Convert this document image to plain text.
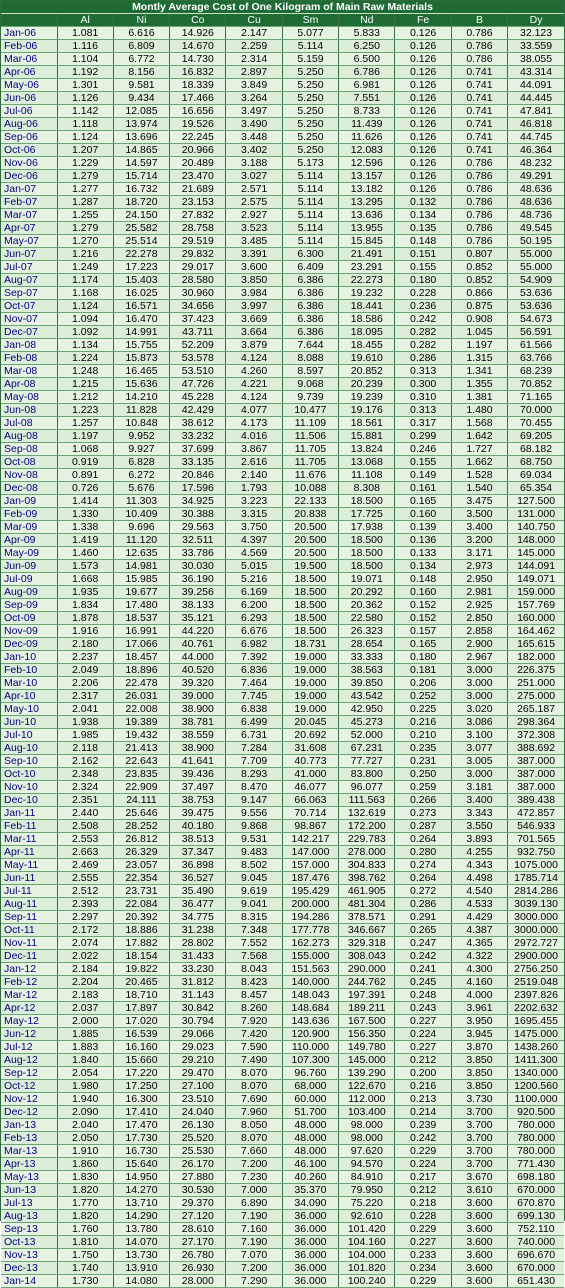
Montly Average Cost of One Kilogram of Main Raw Materials									
	Al	Ni	Co	Cu	Sm	Nd	Fe	B	Dy
Jan-06	1.081	6.616	14.926	2.147	5.077	5.833	0.126	0.786	32.123
Feb-06	1.116	6.809	14.670	2.259	5.114	6.250	0.126	0.786	33.559
Mar-06	1.104	6.772	14.730	2.314	5.159	6.500	0.126	0.786	38.055
Apr-06	1.192	8.156	16.832	2.897	5.250	6.786	0.126	0.741	43.314
May-06	1.301	9.581	18.339	3.849	5.250	6.981	0.126	0.741	44.091
Jun-06	1.126	9.434	17.466	3.264	5.250	7.551	0.126	0.741	44.445
Jul-06	1.142	12.085	16.656	3.497	5.250	8.733	0.126	0.741	47.841
Aug-06	1.118	13.974	19.526	3.490	5.250	11.439	0.126	0.741	46.818
Sep-06	1.124	13.696	22.245	3.448	5.250	11.626	0.126	0.741	44.745
Oct-06	1.207	14.865	20.966	3.402	5.250	12.083	0.126	0.741	46.364
Nov-06	1.229	14.597	20.489	3.188	5.173	12.596	0.126	0.786	48.232
Dec-06	1.279	15.714	23.470	3.027	5.114	13.157	0.126	0.786	49.291
Jan-07	1.277	16.732	21.689	2.571	5.114	13.182	0.126	0.786	48.636
Feb-07	1.287	18.720	23.153	2.575	5.114	13.295	0.132	0.786	48.636
Mar-07	1.255	24.150	27.832	2.927	5.114	13.636	0.134	0.786	48.736
Apr-07	1.279	25.582	28.758	3.523	5.114	13.955	0.135	0.786	49.545
May-07	1.270	25.514	29.519	3.485	5.114	15.845	0.148	0.786	50.195
Jun-07	1.216	22.278	29.832	3.391	6.300	21.491	0.151	0.807	55.000
Jul-07	1.249	17.223	29.017	3.600	6.409	23.291	0.155	0.852	55.000
Aug-07	1.174	15.403	28.580	3.850	6.386	22.273	0.180	0.852	54.909
Sep-07	1.168	16.025	30.960	3.984	6.386	19.232	0.228	0.866	53.636
Oct-07	1.124	16.571	34.656	3.997	6.386	18.441	0.236	0.875	53.636
Nov-07	1.094	16.470	37.423	3.669	6.386	18.586	0.242	0.908	54.673
Dec-07	1.092	14.991	43.711	3.664	6.386	18.095	0.282	1.045	56.591
Jan-08	1.134	15.755	52.209	3.879	7.644	18.455	0.282	1.197	61.566
Feb-08	1.224	15.873	53.578	4.124	8.088	19.610	0.286	1.315	63.766
Mar-08	1.248	16.465	53.510	4.260	8.597	20.852	0.313	1.341	68.239
Apr-08	1.215	15.636	47.726	4.221	9.068	20.239	0.300	1.355	70.852
May-08	1.212	14.210	45.228	4.124	9.739	19.239	0.310	1.381	71.165
Jun-08	1.223	11.828	42.429	4.077	10.477	19.176	0.313	1.480	70.000
Jul-08	1.257	10.848	38.612	4.173	11.109	18.561	0.317	1.568	70.455
Aug-08	1.197	9.952	33.232	4.016	11.506	15.881	0.299	1.642	69.205
Sep-08	1.068	9.927	37.699	3.867	11.705	13.824	0.246	1.727	68.182
Oct-08	0.919	6.828	33.135	2.616	11.705	13.068	0.155	1.662	68.750
Nov-08	0.891	6.272	20.846	2.140	11.676	11.108	0.149	1.528	69.034
Dec-08	0.726	5.676	17.596	1.793	10.088	8.308	0.161	1.540	65.354
Jan-09	1.414	11.303	34.925	3.223	22.133	18.500	0.165	3.475	127.500
Feb-09	1.330	10.409	30.388	3.315	20.838	17.725	0.160	3.500	131.000
Mar-09	1.338	9.696	29.563	3.750	20.500	17.938	0.139	3.400	140.750
Apr-09	1.419	11.120	32.511	4.397	20.500	18.500	0.136	3.200	148.000
May-09	1.460	12.635	33.786	4.569	20.500	18.500	0.133	3.171	145.000
Jun-09	1.573	14.981	30.030	5.015	19.500	18.500	0.134	2.973	144.091
Jul-09	1.668	15.985	36.190	5.216	18.500	19.071	0.148	2.950	149.071
Aug-09	1.935	19.677	39.256	6.169	18.500	20.292	0.160	2.981	159.000
Sep-09	1.834	17.480	38.133	6.200	18.500	20.362	0.152	2.925	157.769
Oct-09	1.878	18.537	35.121	6.293	18.500	22.580	0.152	2.850	160.000
Nov-09	1.916	16.991	44.220	6.676	18.500	26.323	0.157	2.858	164.462
Dec-09	2.180	17.066	40.761	6.982	18.731	28.654	0.165	2.900	165.615
Jan-10	2.237	18.457	44.000	7.392	19.000	33.333	0.180	2.967	182.000
Feb-10	2.049	18.896	40.520	6.836	19.000	38.563	0.181	3.000	226.375
Mar-10	2.206	22.478	39.320	7.464	19.000	39.850	0.206	3.000	251.000
Apr-10	2.317	26.031	39.000	7.745	19.000	43.542	0.252	3.000	275.000
May-10	2.041	22.008	38.900	6.838	19.000	42.950	0.225	3.020	265.187
Jun-10	1.938	19.389	38.781	6.499	20.045	45.273	0.216	3.086	298.364
Jul-10	1.985	19.432	38.559	6.731	20.692	52.000	0.210	3.100	372.308
Aug-10	2.118	21.413	38.900	7.284	31.608	67.231	0.235	3.077	388.692
Sep-10	2.162	22.643	41.641	7.709	40.773	77.727	0.231	3.005	387.000
Oct-10	2.348	23.835	39.436	8.293	41.000	83.800	0.250	3.000	387.000
Nov-10	2.324	22.909	37.497	8.470	46.077	96.077	0.259	3.181	387.000
Dec-10	2.351	24.111	38.753	9.147	66.063	111.563	0.266	3.400	389.438
Jan-11	2.440	25.646	39.475	9.556	70.714	132.619	0.273	3.343	472.857
Feb-11	2.508	28.252	40.180	9.868	98.867	172.200	0.287	3.550	546.933
Mar-11	2.553	26.812	38.513	9.531	142.217	229.783	0.264	3.893	701.565
Apr-11	2.663	26.329	37.347	9.483	147.000	278.000	0.280	4.255	932.750
May-11	2.469	23.057	36.898	8.502	157.000	304.833	0.274	4.343	1075.000
Jun-11	2.555	22.354	36.527	9.045	187.476	398.762	0.264	4.498	1785.714
Jul-11	2.512	23.731	35.490	9.619	195.429	461.905	0.272	4.540	2814.286
Aug-11	2.393	22.084	36.477	9.041	200.000	481.304	0.286	4.533	3039.130
Sep-11	2.297	20.392	34.775	8.315	194.286	378.571	0.291	4.429	3000.000
Oct-11	2.172	18.886	31.238	7.348	177.778	346.667	0.265	4.387	3000.000
Nov-11	2.074	17.882	28.802	7.552	162.273	329.318	0.247	4.365	2972.727
Dec-11	2.022	18.154	31.433	7.568	155.000	308.043	0.242	4.322	2900.000
Jan-12	2.184	19.822	33.230	8.043	151.563	290.000	0.241	4.300	2756.250
Feb-12	2.204	20.465	31.812	8.423	140.000	244.762	0.245	4.160	2519.048
Mar-12	2.183	18.710	31.143	8.457	148.043	197.391	0.248	4.000	2397.826
Apr-12	2.037	17.897	30.842	8.260	148.684	189.211	0.243	3.961	2202.632
May-12	2.000	17.020	30.794	7.920	143.636	167.500	0.227	3.950	1695.455
Jun-12	1.885	16.539	29.066	7.420	120.900	156.350	0.224	3.945	1475.000
Jul-12	1.883	16.160	29.023	7.590	110.000	149.780	0.227	3.870	1438.260
Aug-12	1.840	15.660	29.210	7.490	107.300	145.000	0.212	3.850	1411.300
Sep-12	2.054	17.220	29.470	8.070	96.760	139.290	0.200	3.850	1340.000
Oct-12	1.980	17.250	27.100	8.070	68.000	122.670	0.216	3.850	1200.560
Nov-12	1.940	16.300	23.510	7.690	60.000	112.000	0.213	3.730	1100.000
Dec-12	2.090	17.410	24.040	7.960	51.700	103.400	0.214	3.700	920.500
Jan-13	2.040	17.470	26.130	8.050	48.000	98.000	0.239	3.700	780.000
Feb-13	2.050	17.730	25.520	8.070	48.000	98.000	0.242	3.700	780.000
Mar-13	1.910	16.730	25.530	7.660	48.000	97.620	0.229	3.700	780.000
Apr-13	1.860	15.640	26.170	7.200	46.100	94.570	0.224	3.700	771.430
May-13	1.830	14.950	27.880	7.230	40.260	84.910	0.217	3.670	698.180
Jun-13	1.820	14.270	30.530	7.000	35.370	79.950	0.212	3.610	670.000
Jul-13	1.770	13.710	29.370	6.890	34.090	75.220	0.218	3.600	670.870
Aug-13	1.820	14.290	27.120	7.190	36.000	92.610	0.228	3.600	699.130
Sep-13	1.760	13.780	28.610	7.160	36.000	101.420	0.229	3.600	752.110
Oct-13	1.810	14.070	27.170	7.190	36.000	104.160	0.227	3.600	740.000
Nov-13	1.750	13.730	26.780	7.070	36.000	104.000	0.233	3.600	696.670
Dec-13	1.740	13.910	26.930	7.200	36.000	101.820	0.234	3.600	670.000
Jan-14	1.730	14.080	28.000	7.290	36.000	100.240	0.229	3.600	651.430
